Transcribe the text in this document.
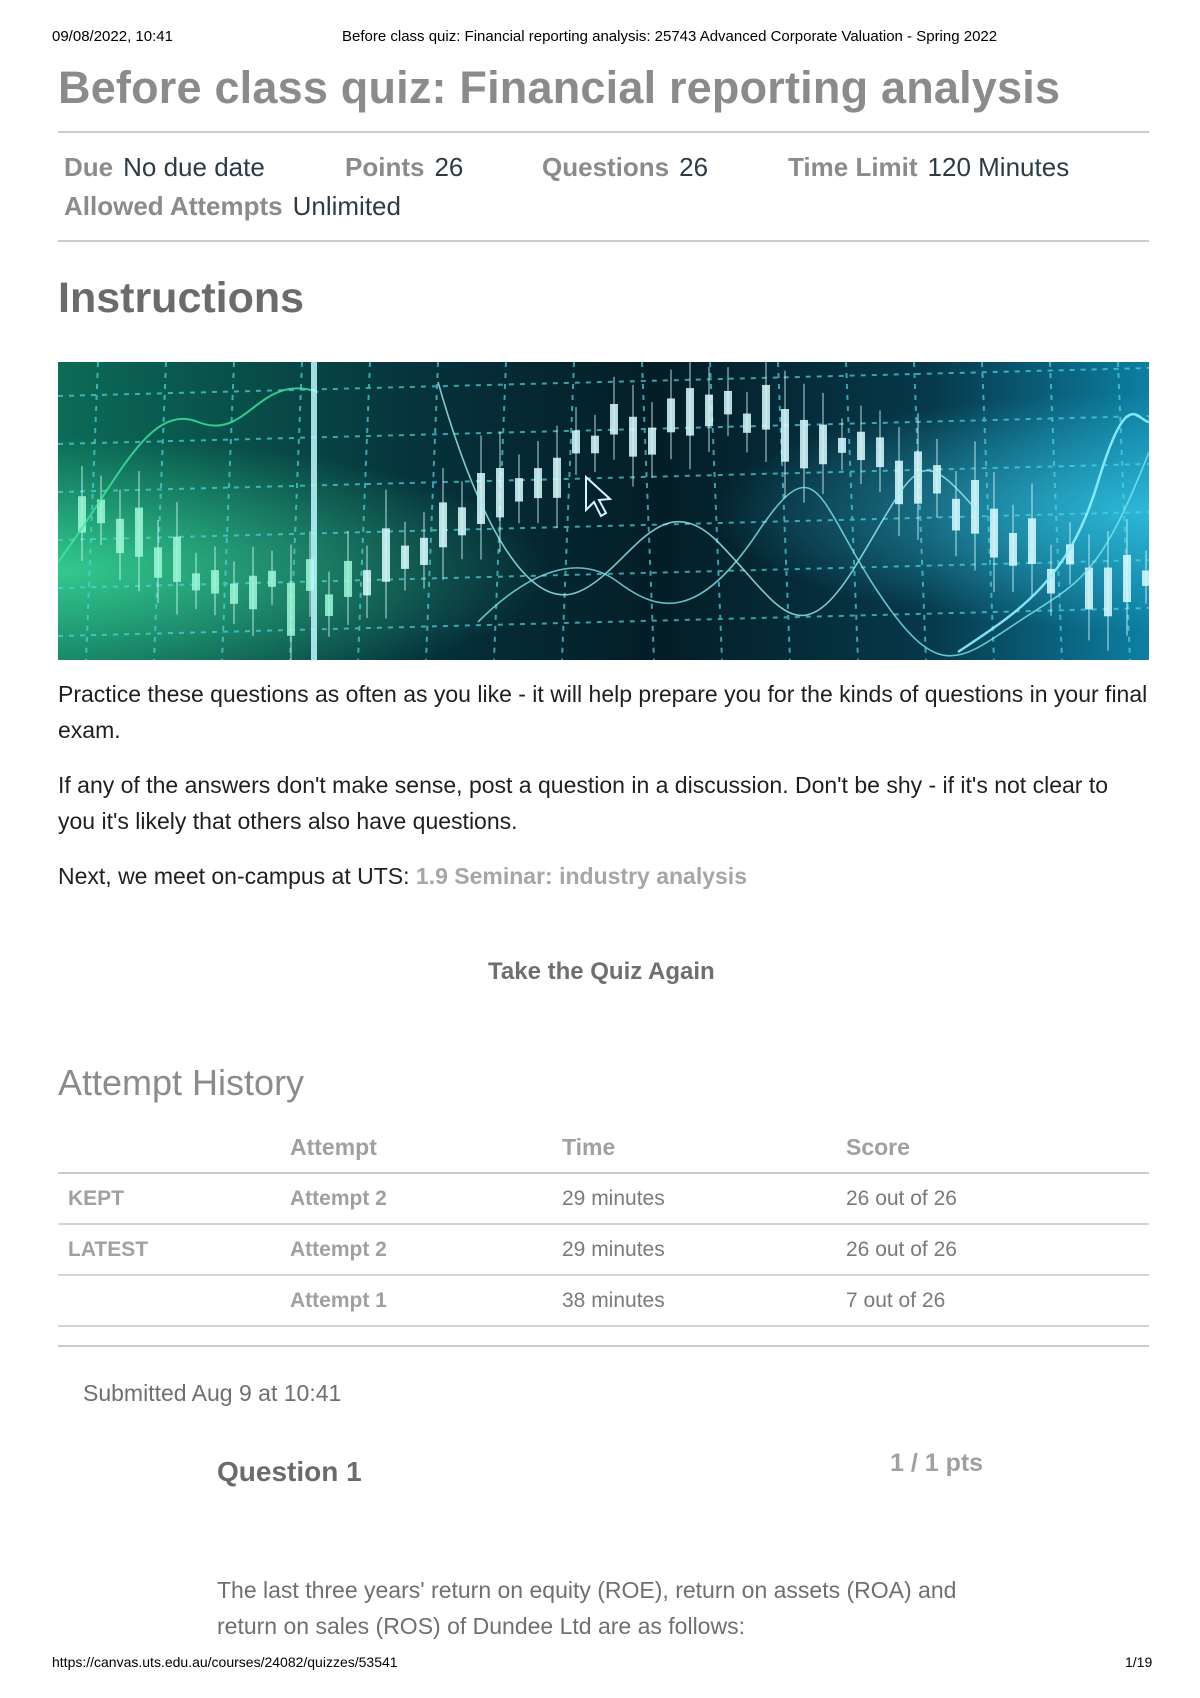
09/08/2022, 10:41	Before class quiz: Financial reporting analysis: 25743 Advanced Corporate Valuation - Spring 2022
Before class quiz: Financial reporting analysis
Due No due date	Points 26	Questions 26	Time Limit 120 Minutes
Allowed Attempts Unlimited
Instructions

Practice these questions as often as you like - it will help prepare you for the kinds of questions in your final exam.

If any of the answers don't make sense, post a question in a discussion. Don't be shy - if it's not clear to you it's likely that others also have questions.

Next, we meet on-campus at UTS: 1.9 Seminar: industry analysis

Take the Quiz Again
Attempt History
	Attempt	Time	Score
KEPT	Attempt 2	29 minutes	26 out of 26
LATEST	Attempt 2	29 minutes	26 out of 26
	Attempt 1	38 minutes	7 out of 26
Submitted Aug 9 at 10:41
Question 1	1 / 1 pts

The last three years' return on equity (ROE), return on assets (ROA) and return on sales (ROS) of Dundee Ltd are as follows:

https://canvas.uts.edu.au/courses/24082/quizzes/53541	1/19
